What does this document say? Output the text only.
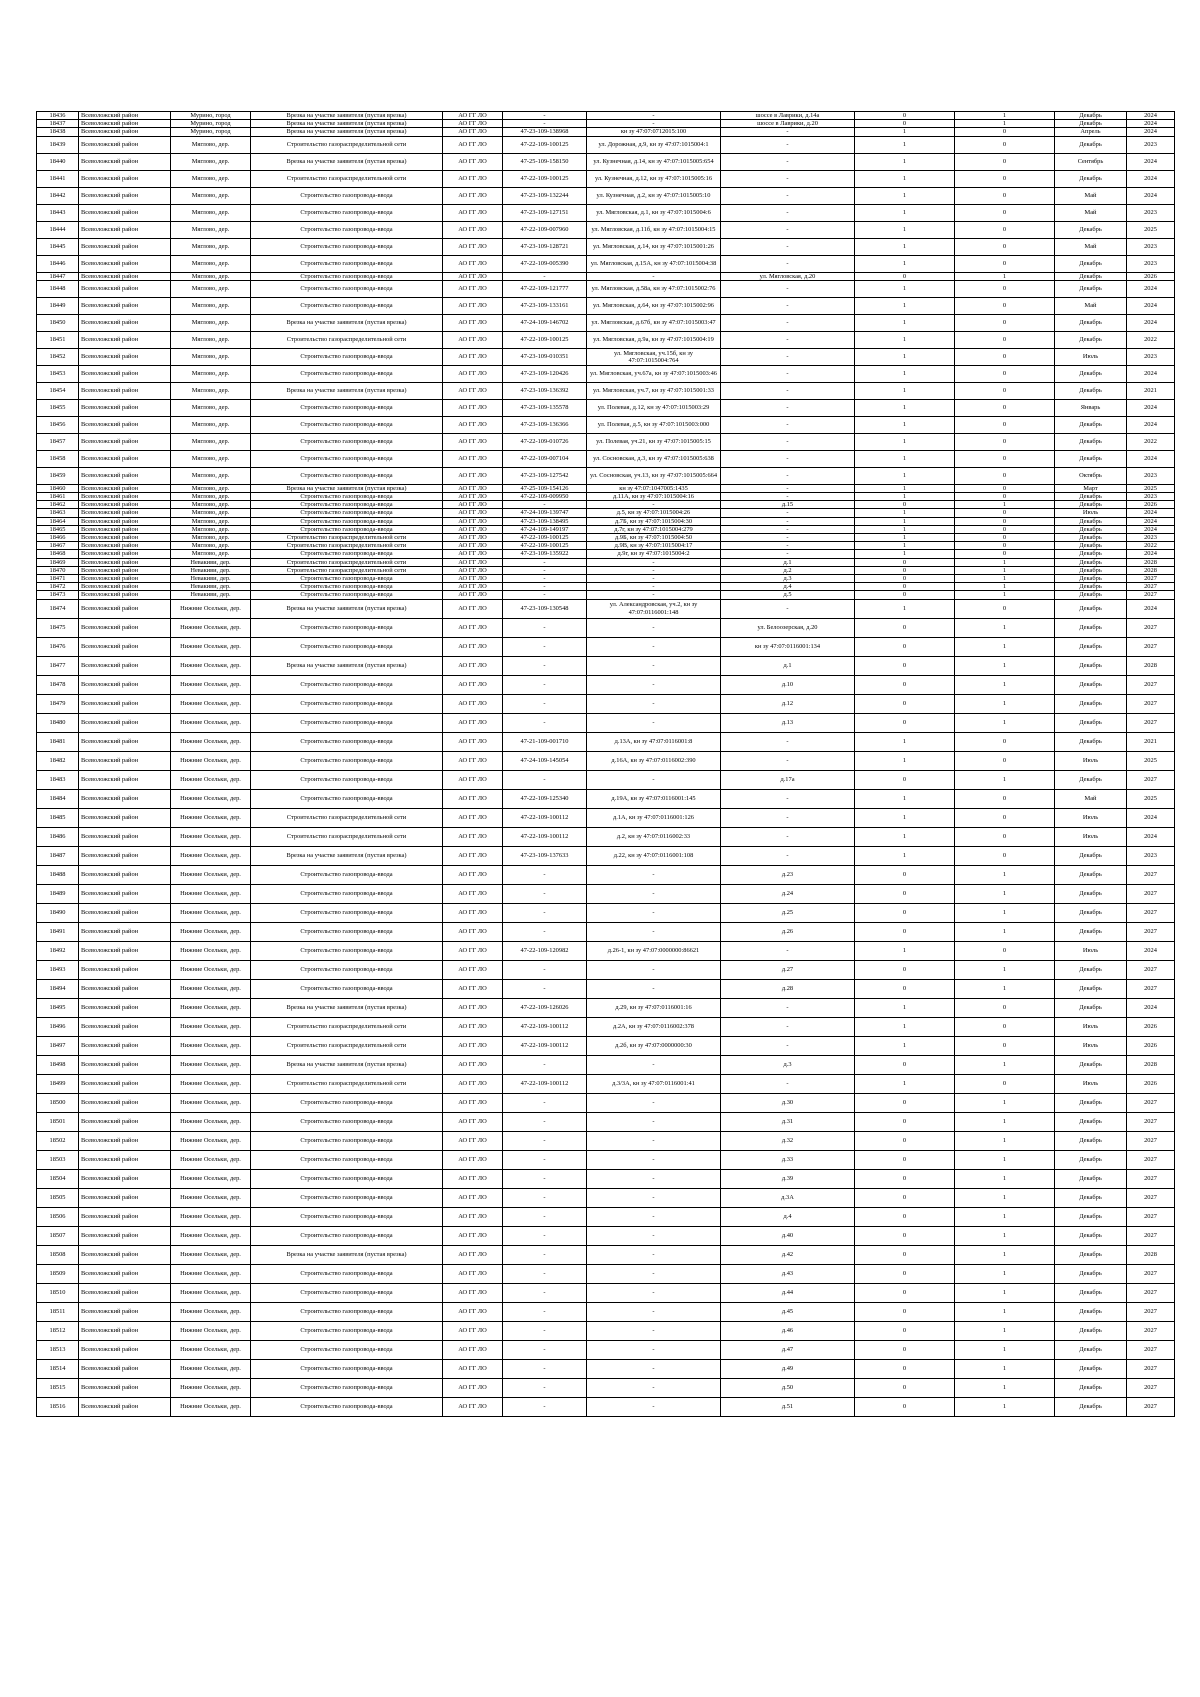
18436	Всеволожский район	Мурино, город	Врезка на участке заявителя (пустая врезка)	АО ГГ ЛО	-	-	шоссе в Лаврики, д.14а	0	1	Декабрь	2024
18437	Всеволожский район	Мурино, город	Врезка на участке заявителя (пустая врезка)	АО ГГ ЛО	-	-	шоссе в Лаврики, д.20	0	1	Декабрь	2024
18438	Всеволожский район	Мурино, город	Врезка на участке заявителя (пустая врезка)	АО ГГ ЛО	47-23-109-138968	кн зу 47:07:0712015:100	-	1	0	Апрель	2024
18439	Всеволожский район	Мяглово, дер.	Строительство газораспределительной сети	АО ГГ ЛО	47-22-109-100125	ул. Дорожная, д.9, кн зу 47:07:1015004:1	-	1	0	Декабрь	2023
18440	Всеволожский район	Мяглово, дер.	Врезка на участке заявителя (пустая врезка)	АО ГГ ЛО	47-25-109-158150	ул. Кузнечная, д.14, кн зу 47:07:1015005:654	-	1	0	Сентябрь	2024
18441	Всеволожский район	Мяглово, дер.	Строительство газораспределительной сети	АО ГГ ЛО	47-22-109-100125	ул. Кузнечная, д.12, кн зу 47:07:1015005:16	-	1	0	Декабрь	2024
18442	Всеволожский район	Мяглово, дер.	Строительство газопровода-ввода	АО ГГ ЛО	47-23-109-132244	ул. Кузнечная, д.2, кн зу 47:07:1015005:10	-	1	0	Май	2024
18443	Всеволожский район	Мяглово, дер.	Строительство газопровода-ввода	АО ГГ ЛО	47-23-109-127151	ул. Мягловская, д.1, кн зу 47:07:1015004:6	-	1	0	Май	2023
18444	Всеволожский район	Мяглово, дер.	Строительство газопровода-ввода	АО ГГ ЛО	47-22-109-007960	ул. Мягловская, д.11б, кн зу 47:07:1015004:15	-	1	0	Декабрь	2025
18445	Всеволожский район	Мяглово, дер.	Строительство газопровода-ввода	АО ГГ ЛО	47-23-109-128721	ул. Мягловская, д.14, кн зу 47:07:1015001:26	-	1	0	Май	2023
18446	Всеволожский район	Мяглово, дер.	Строительство газопровода-ввода	АО ГГ ЛО	47-22-109-005390	ул. Мягловская, д.15А, кн зу 47:07:1015004:38	-	1	0	Декабрь	2023
18447	Всеволожский район	Мяглово, дер.	Строительство газопровода-ввода	АО ГГ ЛО	-	-	ул. Мягловская, д.20	0	1	Декабрь	2026
18448	Всеволожский район	Мяглово, дер.	Строительство газопровода-ввода	АО ГГ ЛО	47-22-109-121777	ул. Мягловская, д.58а, кн зу 47:07:1015002:76	-	1	0	Декабрь	2024
18449	Всеволожский район	Мяглово, дер.	Строительство газопровода-ввода	АО ГГ ЛО	47-23-109-133161	ул. Мягловская, д.64, кн зу 47:07:1015002:96	-	1	0	Май	2024
18450	Всеволожский район	Мяглово, дер.	Врезка на участке заявителя (пустая врезка)	АО ГГ ЛО	47-24-109-146702	ул. Мягловская, д.67б, кн зу 47:07:1015003:47	-	1	0	Декабрь	2024
18451	Всеволожский район	Мяглово, дер.	Строительство газораспределительной сети	АО ГГ ЛО	47-22-109-100125	ул. Мягловская, д.9а, кн зу 47:07:1015004:19	-	1	0	Декабрь	2022
18452	Всеволожский район	Мяглово, дер.	Строительство газопровода-ввода	АО ГГ ЛО	47-23-109-010351	ул. Мягловская, уч.15б, кн зу 47:07:1015004:764	-	1	0	Июль	2023
18453	Всеволожский район	Мяглово, дер.	Строительство газопровода-ввода	АО ГГ ЛО	47-23-109-120426	ул. Мягловская, уч.67а, кн зу 47:07:1015003:46	-	1	0	Декабрь	2024
18454	Всеволожский район	Мяглово, дер.	Врезка на участке заявителя (пустая врезка)	АО ГГ ЛО	47-23-109-136392	ул. Мягловская, уч.7, кн зу 47:07:1015001:33	-	1	0	Декабрь	2021
18455	Всеволожский район	Мяглово, дер.	Строительство газопровода-ввода	АО ГГ ЛО	47-23-109-135578	ул. Полевая, д.12, кн зу 47:07:1015003:29	-	1	0	Январь	2024
18456	Всеволожский район	Мяглово, дер.	Строительство газопровода-ввода	АО ГГ ЛО	47-23-109-136366	ул. Полевая, д.5, кн зу 47:07:1015003:000	-	1	0	Декабрь	2024
18457	Всеволожский район	Мяглово, дер.	Строительство газопровода-ввода	АО ГГ ЛО	47-22-109-010726	ул. Полевая, уч.21, кн зу 47:07:1015005:15	-	1	0	Декабрь	2022
18458	Всеволожский район	Мяглово, дер.	Строительство газопровода-ввода	АО ГГ ЛО	47-22-109-007104	ул. Сосновская, д.3, кн зу 47:07:1015005:638	-	1	0	Декабрь	2024
18459	Всеволожский район	Мяглово, дер.	Строительство газопровода-ввода	АО ГГ ЛО	47-23-109-127542	ул. Сосновская, уч.13, кн зу 47:07:1015005:664	-	1	0	Октябрь	2023
18460	Всеволожский район	Мяглово, дер.	Врезка на участке заявителя (пустая врезка)	АО ГГ ЛО	47-25-109-154126	кн зу 47:07:1047005:1435	-	1	0	Март	2025
18461	Всеволожский район	Мяглово, дер.	Строительство газопровода-ввода	АО ГГ ЛО	47-22-109-009950	д.11А, кн зу 47:07:1015004:16	-	1	0	Декабрь	2023
18462	Всеволожский район	Мяглово, дер.	Строительство газопровода-ввода	АО ГГ ЛО	-	-	д.15	0	1	Декабрь	2026
18463	Всеволожский район	Мяглово, дер.	Строительство газопровода-ввода	АО ГГ ЛО	47-24-109-139747	д.5, кн зу 47:07:1015004:26	-	1	0	Июль	2024
18464	Всеволожский район	Мяглово, дер.	Строительство газопровода-ввода	АО ГГ ЛО	47-23-109-138495	д.7Б, кн зу 47:07:1015004:30	-	1	0	Декабрь	2024
18465	Всеволожский район	Мяглово, дер.	Строительство газопровода-ввода	АО ГГ ЛО	47-24-109-149197	д.7г, кн зу 47:07:1015004:279	-	1	0	Декабрь	2024
18466	Всеволожский район	Мяглово, дер.	Строительство газораспределительной сети	АО ГГ ЛО	47-22-109-100125	д.9Б, кн зу 47:07:1015004:50	-	1	0	Декабрь	2023
18467	Всеволожский район	Мяглово, дер.	Строительство газораспределительной сети	АО ГГ ЛО	47-22-109-100125	д.9В, кн зу 47:07:1015004:17	-	1	0	Декабрь	2022
18468	Всеволожский район	Мяглово, дер.	Строительство газопровода-ввода	АО ГГ ЛО	47-23-109-135922	д.9г, кн зу 47:07:1015004:2	-	1	0	Декабрь	2024
18469	Всеволожский район	Невакиви, дер.	Строительство газораспределительной сети	АО ГГ ЛО	-	-	д.1	0	1	Декабрь	2028
18470	Всеволожский район	Невакиви, дер.	Строительство газораспределительной сети	АО ГГ ЛО	-	-	д.2	0	1	Декабрь	2028
18471	Всеволожский район	Невакиви, дер.	Строительство газопровода-ввода	АО ГГ ЛО	-	-	д.3	0	1	Декабрь	2027
18472	Всеволожский район	Невакиви, дер.	Строительство газопровода-ввода	АО ГГ ЛО	-	-	д.4	0	1	Декабрь	2027
18473	Всеволожский район	Невакиви, дер.	Строительство газопровода-ввода	АО ГГ ЛО	-	-	д.5	0	1	Декабрь	2027
18474	Всеволожский район	Нижние Осельки, дер.	Врезка на участке заявителя (пустая врезка)	АО ГГ ЛО	47-23-109-130548	ул. Александровская, уч.2, кн зу 47:07:0116001:148	-	1	0	Декабрь	2024
18475	Всеволожский район	Нижние Осельки, дер.	Строительство газопровода-ввода	АО ГГ ЛО	-	-	ул. Белоозерская, д.20	0	1	Декабрь	2027
18476	Всеволожский район	Нижние Осельки, дер.	Строительство газопровода-ввода	АО ГГ ЛО	-	-	кн зу 47:07:0116001:134	0	1	Декабрь	2027
18477	Всеволожский район	Нижние Осельки, дер.	Врезка на участке заявителя (пустая врезка)	АО ГГ ЛО	-	-	д.1	0	1	Декабрь	2028
18478	Всеволожский район	Нижние Осельки, дер.	Строительство газопровода-ввода	АО ГГ ЛО	-	-	д.10	0	1	Декабрь	2027
18479	Всеволожский район	Нижние Осельки, дер.	Строительство газопровода-ввода	АО ГГ ЛО	-	-	д.12	0	1	Декабрь	2027
18480	Всеволожский район	Нижние Осельки, дер.	Строительство газопровода-ввода	АО ГГ ЛО	-	-	д.13	0	1	Декабрь	2027
18481	Всеволожский район	Нижние Осельки, дер.	Строительство газопровода-ввода	АО ГГ ЛО	47-21-109-001710	д.13А, кн зу 47:07:0116001:8	-	1	0	Декабрь	2021
18482	Всеволожский район	Нижние Осельки, дер.	Строительство газопровода-ввода	АО ГГ ЛО	47-24-109-145054	д.16А, кн зу 47:07:0116002:390	-	1	0	Июль	2025
18483	Всеволожский район	Нижние Осельки, дер.	Строительство газопровода-ввода	АО ГГ ЛО	-	-	д.17а	0	1	Декабрь	2027
18484	Всеволожский район	Нижние Осельки, дер.	Строительство газопровода-ввода	АО ГГ ЛО	47-22-109-125340	д.19А, кн зу 47:07:0116001:145	-	1	0	Май	2025
18485	Всеволожский район	Нижние Осельки, дер.	Строительство газораспределительной сети	АО ГГ ЛО	47-22-109-100112	д.1А, кн зу 47:07:0116001:126	-	1	0	Июль	2024
18486	Всеволожский район	Нижние Осельки, дер.	Строительство газораспределительной сети	АО ГГ ЛО	47-22-109-100112	д.2, кн зу 47:07:0116002:33	-	1	0	Июль	2024
18487	Всеволожский район	Нижние Осельки, дер.	Врезка на участке заявителя (пустая врезка)	АО ГГ ЛО	47-23-109-137633	д.22, кн зу 47:07:0116001:108	-	1	0	Декабрь	2023
18488	Всеволожский район	Нижние Осельки, дер.	Строительство газопровода-ввода	АО ГГ ЛО	-	-	д.23	0	1	Декабрь	2027
18489	Всеволожский район	Нижние Осельки, дер.	Строительство газопровода-ввода	АО ГГ ЛО	-	-	д.24	0	1	Декабрь	2027
18490	Всеволожский район	Нижние Осельки, дер.	Строительство газопровода-ввода	АО ГГ ЛО	-	-	д.25	0	1	Декабрь	2027
18491	Всеволожский район	Нижние Осельки, дер.	Строительство газопровода-ввода	АО ГГ ЛО	-	-	д.26	0	1	Декабрь	2027
18492	Всеволожский район	Нижние Осельки, дер.	Строительство газопровода-ввода	АО ГГ ЛО	47-22-109-120982	д.26-1, кн зу 47:07:0000000:86621	-	1	0	Июль	2024
18493	Всеволожский район	Нижние Осельки, дер.	Строительство газопровода-ввода	АО ГГ ЛО	-	-	д.27	0	1	Декабрь	2027
18494	Всеволожский район	Нижние Осельки, дер.	Строительство газопровода-ввода	АО ГГ ЛО	-	-	д.28	0	1	Декабрь	2027
18495	Всеволожский район	Нижние Осельки, дер.	Врезка на участке заявителя (пустая врезка)	АО ГГ ЛО	47-22-109-126026	д.29, кн зу 47:07:0116001:16	-	1	0	Декабрь	2024
18496	Всеволожский район	Нижние Осельки, дер.	Строительство газораспределительной сети	АО ГГ ЛО	47-22-109-100112	д.2А, кн зу 47:07:0116002:378	-	1	0	Июль	2026
18497	Всеволожский район	Нижние Осельки, дер.	Строительство газораспределительной сети	АО ГГ ЛО	47-22-109-100112	д.2б, кн зу 47:07:0000000:30	-	1	0	Июль	2026
18498	Всеволожский район	Нижние Осельки, дер.	Врезка на участке заявителя (пустая врезка)	АО ГГ ЛО	-	-	д.3	0	1	Декабрь	2028
18499	Всеволожский район	Нижние Осельки, дер.	Строительство газораспределительной сети	АО ГГ ЛО	47-22-109-100112	д.3/3А, кн зу 47:07:0116001:41	-	1	0	Июль	2026
18500	Всеволожский район	Нижние Осельки, дер.	Строительство газопровода-ввода	АО ГГ ЛО	-	-	д.30	0	1	Декабрь	2027
18501	Всеволожский район	Нижние Осельки, дер.	Строительство газопровода-ввода	АО ГГ ЛО	-	-	д.31	0	1	Декабрь	2027
18502	Всеволожский район	Нижние Осельки, дер.	Строительство газопровода-ввода	АО ГГ ЛО	-	-	д.32	0	1	Декабрь	2027
18503	Всеволожский район	Нижние Осельки, дер.	Строительство газопровода-ввода	АО ГГ ЛО	-	-	д.33	0	1	Декабрь	2027
18504	Всеволожский район	Нижние Осельки, дер.	Строительство газопровода-ввода	АО ГГ ЛО	-	-	д.39	0	1	Декабрь	2027
18505	Всеволожский район	Нижние Осельки, дер.	Строительство газопровода-ввода	АО ГГ ЛО	-	-	д.3А	0	1	Декабрь	2027
18506	Всеволожский район	Нижние Осельки, дер.	Строительство газопровода-ввода	АО ГГ ЛО	-	-	д.4	0	1	Декабрь	2027
18507	Всеволожский район	Нижние Осельки, дер.	Строительство газопровода-ввода	АО ГГ ЛО	-	-	д.40	0	1	Декабрь	2027
18508	Всеволожский район	Нижние Осельки, дер.	Врезка на участке заявителя (пустая врезка)	АО ГГ ЛО	-	-	д.42	0	1	Декабрь	2028
18509	Всеволожский район	Нижние Осельки, дер.	Строительство газопровода-ввода	АО ГГ ЛО	-	-	д.43	0	1	Декабрь	2027
18510	Всеволожский район	Нижние Осельки, дер.	Строительство газопровода-ввода	АО ГГ ЛО	-	-	д.44	0	1	Декабрь	2027
18511	Всеволожский район	Нижние Осельки, дер.	Строительство газопровода-ввода	АО ГГ ЛО	-	-	д.45	0	1	Декабрь	2027
18512	Всеволожский район	Нижние Осельки, дер.	Строительство газопровода-ввода	АО ГГ ЛО	-	-	д.46	0	1	Декабрь	2027
18513	Всеволожский район	Нижние Осельки, дер.	Строительство газопровода-ввода	АО ГГ ЛО	-	-	д.47	0	1	Декабрь	2027
18514	Всеволожский район	Нижние Осельки, дер.	Строительство газопровода-ввода	АО ГГ ЛО	-	-	д.49	0	1	Декабрь	2027
18515	Всеволожский район	Нижние Осельки, дер.	Строительство газопровода-ввода	АО ГГ ЛО	-	-	д.50	0	1	Декабрь	2027
18516	Всеволожский район	Нижние Осельки, дер.	Строительство газопровода-ввода	АО ГГ ЛО	-	-	д.51	0	1	Декабрь	2027
